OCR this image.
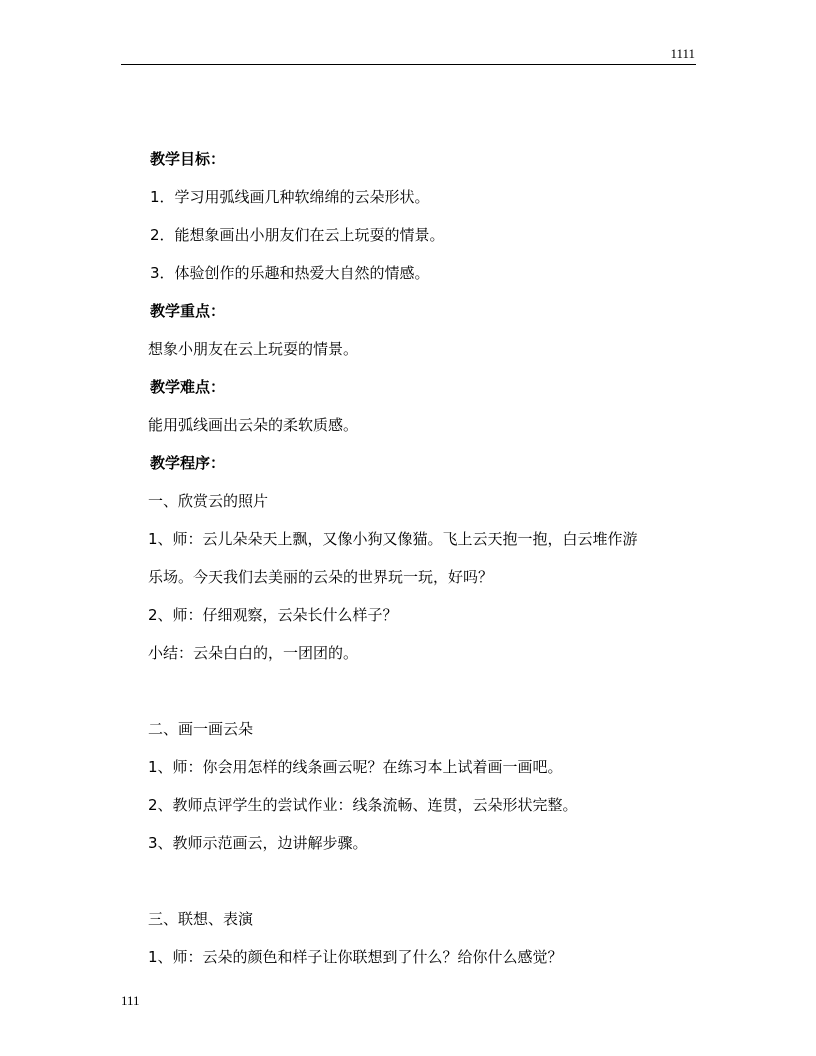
1111
教学目标：
1．学习用弧线画几种软绵绵的云朵形状。
2．能想象画出小朋友们在云上玩耍的情景。
3．体验创作的乐趣和热爱大自然的情感。
教学重点：
想象小朋友在云上玩耍的情景。
教学难点：
能用弧线画出云朵的柔软质感。
教学程序：
一、欣赏云的照片
1、师：云儿朵朵天上飘，又像小狗又像猫。飞上云天抱一抱，白云堆作游
乐场。今天我们去美丽的云朵的世界玩一玩，好吗？
2、师：仔细观察，云朵长什么样子？
小结：云朵白白的，一团团的。
二、画一画云朵
1、师：你会用怎样的线条画云呢？在练习本上试着画一画吧。
2、教师点评学生的尝试作业：线条流畅、连贯，云朵形状完整。
3、教师示范画云，边讲解步骤。
三、联想、表演
1、师：云朵的颜色和样子让你联想到了什么？给你什么感觉？
111
